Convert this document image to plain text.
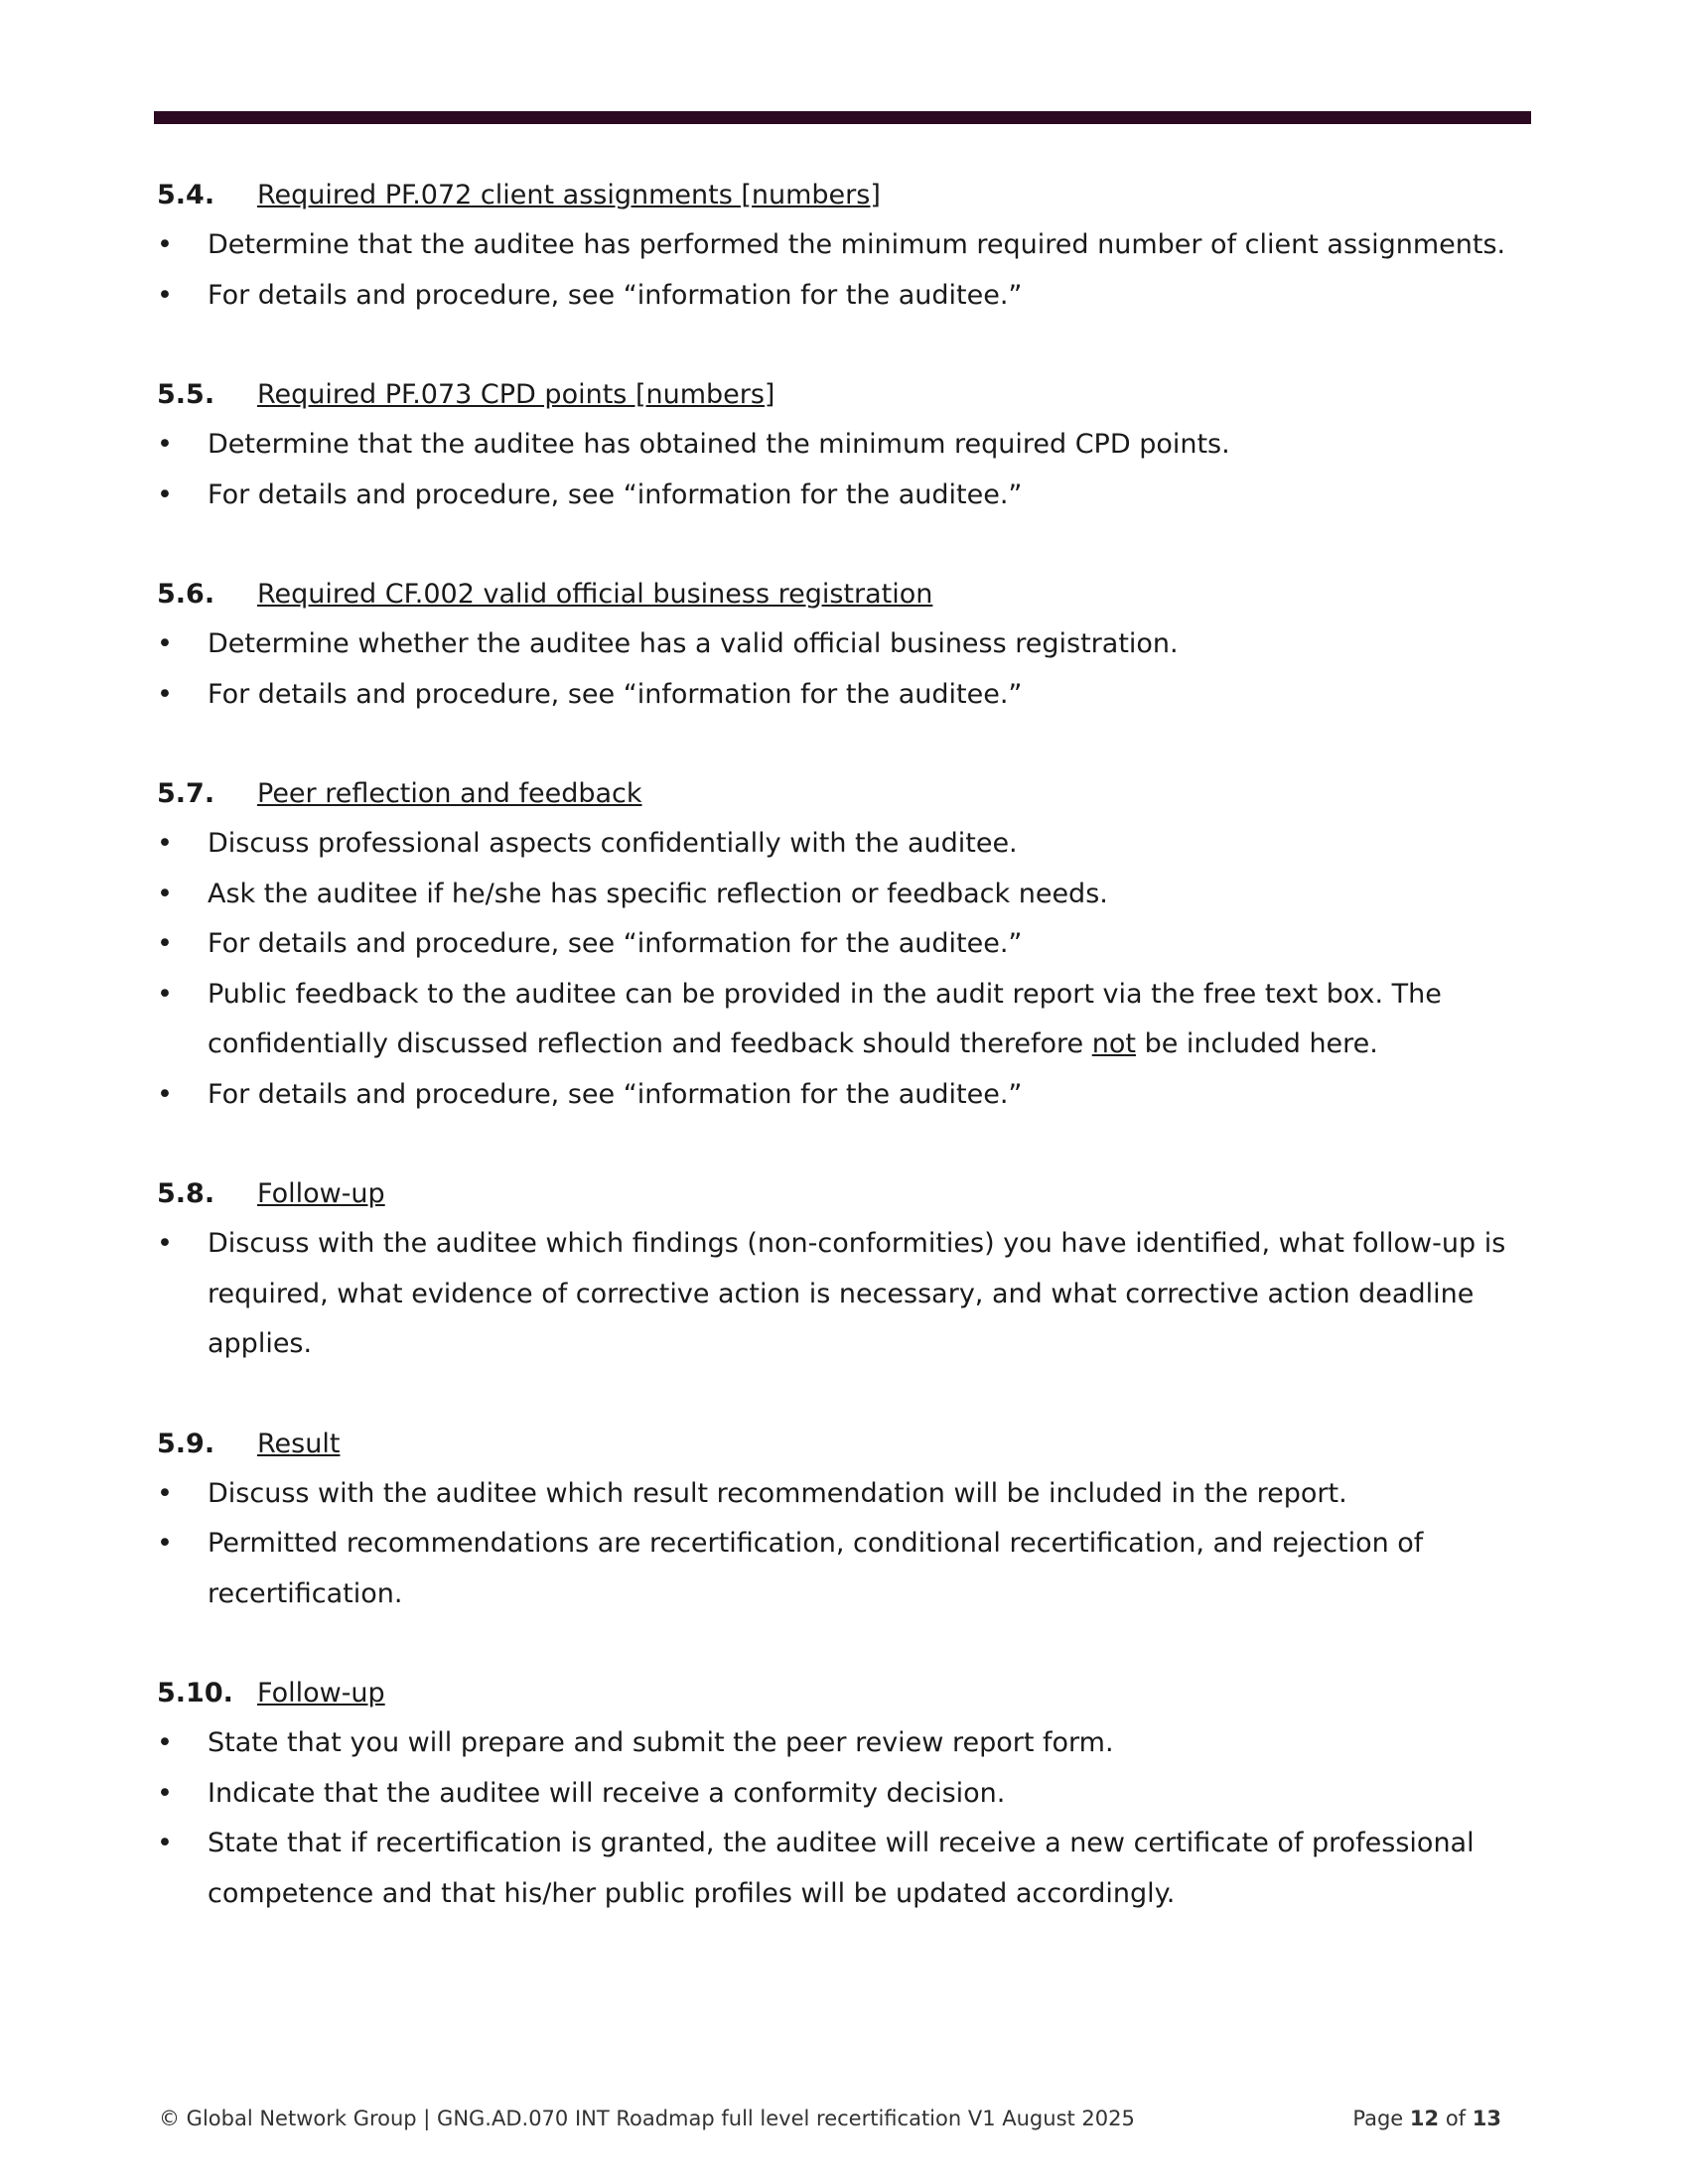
5.4.	Required PF.072 client assignments [numbers]
• Determine that the auditee has performed the minimum required number of client assignments.
• For details and procedure, see “information for the auditee.”
5.5.	Required PF.073 CPD points [numbers]
• Determine that the auditee has obtained the minimum required CPD points.
• For details and procedure, see “information for the auditee.”
5.6.	Required CF.002 valid official business registration
• Determine whether the auditee has a valid official business registration.
• For details and procedure, see “information for the auditee.”
5.7.	Peer reflection and feedback
• Discuss professional aspects confidentially with the auditee.
• Ask the auditee if he/she has specific reflection or feedback needs.
• For details and procedure, see “information for the auditee.”
• Public feedback to the auditee can be provided in the audit report via the free text box. The confidentially discussed reflection and feedback should therefore not be included here.
• For details and procedure, see “information for the auditee.”
5.8.	Follow-up
• Discuss with the auditee which findings (non-conformities) you have identified, what follow-up is required, what evidence of corrective action is necessary, and what corrective action deadline applies.
5.9.	Result
• Discuss with the auditee which result recommendation will be included in the report.
• Permitted recommendations are recertification, conditional recertification, and rejection of recertification.
5.10. Follow-up
• State that you will prepare and submit the peer review report form.
• Indicate that the auditee will receive a conformity decision.
• State that if recertification is granted, the auditee will receive a new certificate of professional competence and that his/her public profiles will be updated accordingly.
© Global Network Group | GNG.AD.070 INT Roadmap full level recertification V1 August 2025	Page 12 of 13
